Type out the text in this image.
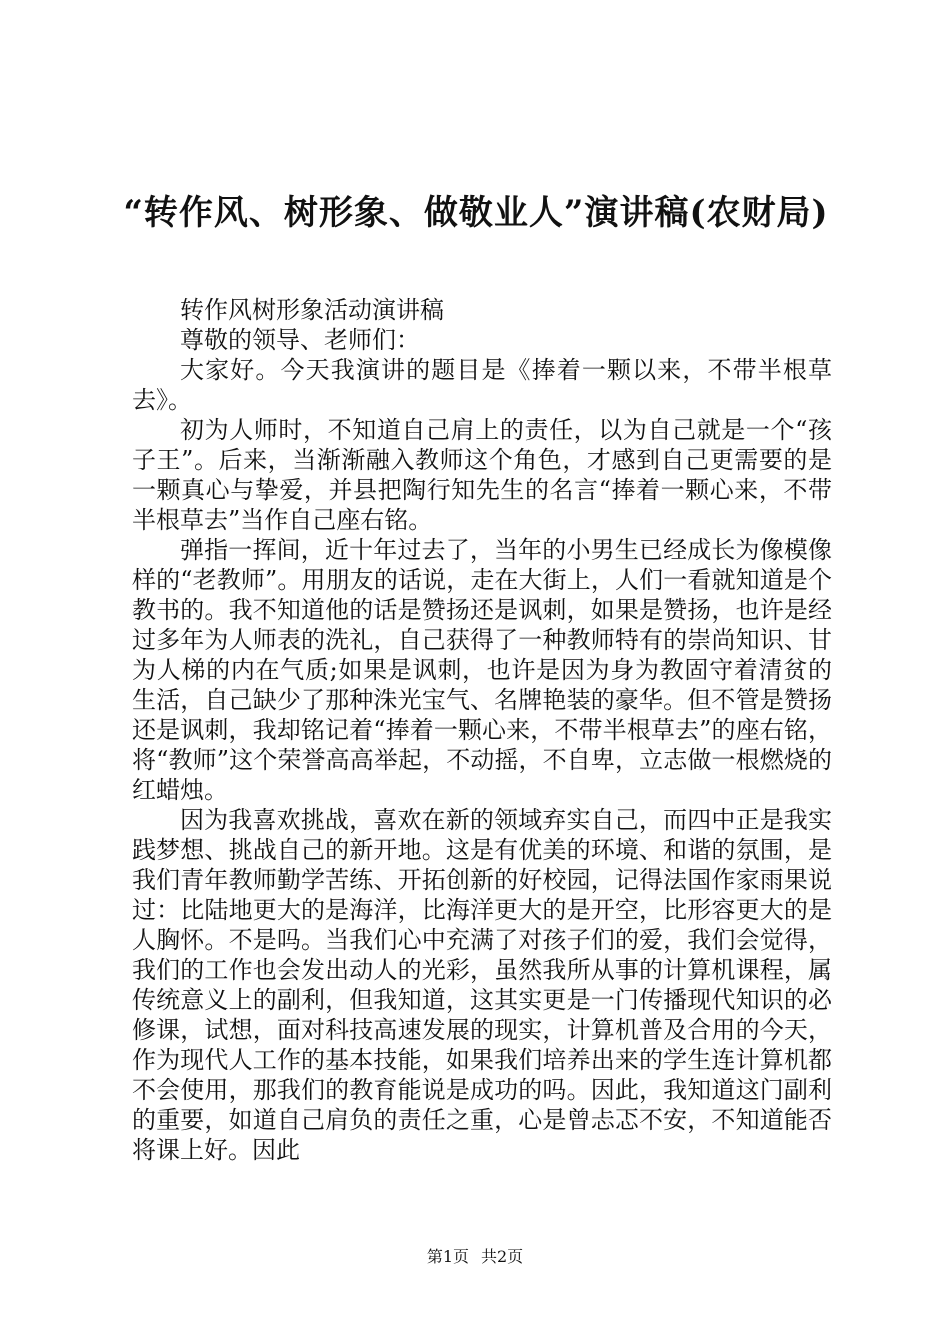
“转作风、树形象、做敬业人”演讲稿(农财局)

转作风树形象活动演讲稿

尊敬的领导、老师们：

大家好。今天我演讲的题目是《捧着一颗以来，不带半根草去》。

初为人师时，不知道自己肩上的责任，以为自己就是一个“孩子王”。后来，当渐渐融入教师这个角色，才感到自己更需要的是一颗真心与挚爱，并县把陶行知先生的名言“捧着一颗心来，不带半根草去”当作自己座右铭。

弹指一挥间，近十年过去了，当年的小男生已经成长为像模像样的“老教师”。用朋友的话说，走在大街上，人们一看就知道是个教书的。我不知道他的话是赞扬还是讽刺，如果是赞扬，也许是经过多年为人师表的洗礼，自己获得了一种教师特有的崇尚知识、甘为人梯的内在气质;如果是讽刺，也许是因为身为教固守着清贫的生活，自己缺少了那种洙光宝气、名牌艳装的豪华。但不管是赞扬还是讽刺，我却铭记着“捧着一颗心来，不带半根草去”的座右铭，将“教师”这个荣誉高高举起，不动摇，不自卑，立志做一根燃烧的红蜡烛。

因为我喜欢挑战，喜欢在新的领域弃实自己，而四中正是我实践梦想、挑战自己的新开地。这是有优美的环境、和谐的氛围，是我们青年教师勤学苦练、开拓创新的好校园，记得法国作家雨果说过：比陆地更大的是海洋，比海洋更大的是开空，比形容更大的是人胸怀。不是吗。当我们心中充满了对孩子们的爱，我们会觉得，我们的工作也会发出动人的光彩，虽然我所从事的计算机课程，属传统意义上的副利，但我知道，这其实更是一门传播现代知识的必修课，试想，面对科技高速发展的现实，计算机普及合用的今天，作为现代人工作的基本技能，如果我们培养出来的学生连计算机都不会使用，那我们的教育能说是成功的吗。因此，我知道这门副利的重要，如道自己肩负的责任之重，心是曾忐忑不安，不知道能否将课上好。因此

第1页 共2页
